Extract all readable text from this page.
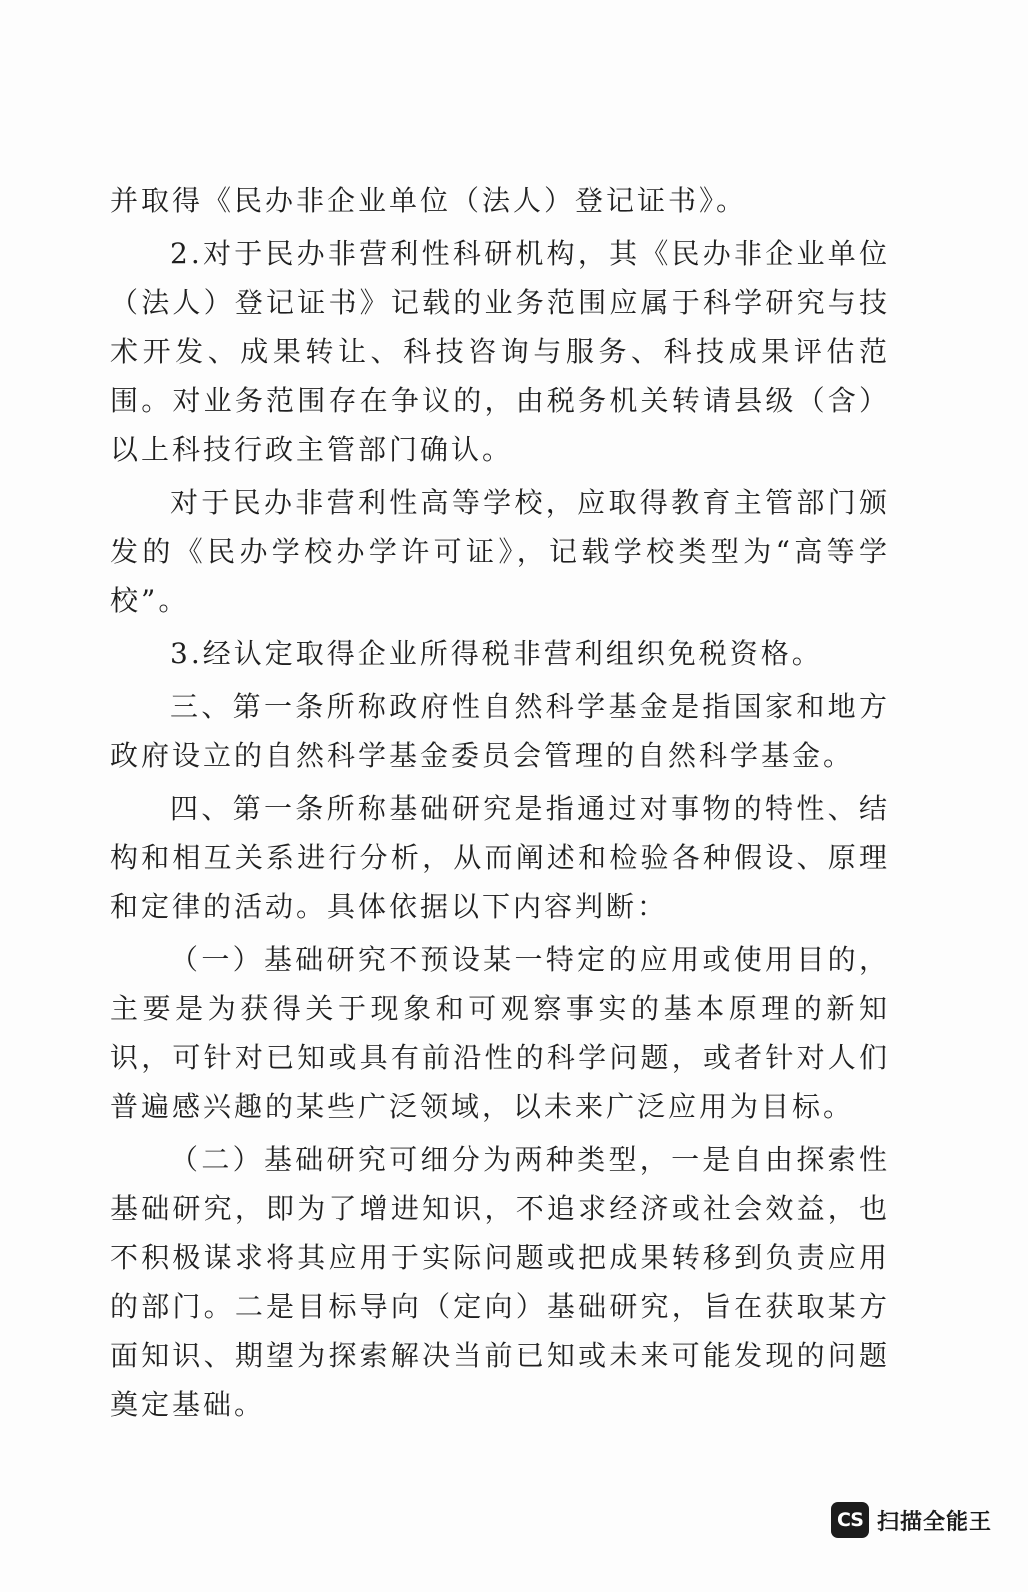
并取得《民办非企业单位（法人）登记证书》。

2.对于民办非营利性科研机构，其《民办非企业单位（法人）登记证书》记载的业务范围应属于科学研究与技术开发、成果转让、科技咨询与服务、科技成果评估范围。对业务范围存在争议的，由税务机关转请县级（含）以上科技行政主管部门确认。

对于民办非营利性高等学校，应取得教育主管部门颁发的《民办学校办学许可证》，记载学校类型为“高等学校”。

3.经认定取得企业所得税非营利组织免税资格。

三、第一条所称政府性自然科学基金是指国家和地方政府设立的自然科学基金委员会管理的自然科学基金。

四、第一条所称基础研究是指通过对事物的特性、结构和相互关系进行分析，从而阐述和检验各种假设、原理和定律的活动。具体依据以下内容判断：

（一）基础研究不预设某一特定的应用或使用目的，主要是为获得关于现象和可观察事实的基本原理的新知识，可针对已知或具有前沿性的科学问题，或者针对人们普遍感兴趣的某些广泛领域，以未来广泛应用为目标。

（二）基础研究可细分为两种类型，一是自由探索性基础研究，即为了增进知识，不追求经济或社会效益，也不积极谋求将其应用于实际问题或把成果转移到负责应用的部门。二是目标导向（定向）基础研究，旨在获取某方面知识、期望为探索解决当前已知或未来可能发现的问题奠定基础。

CS 扫描全能王
